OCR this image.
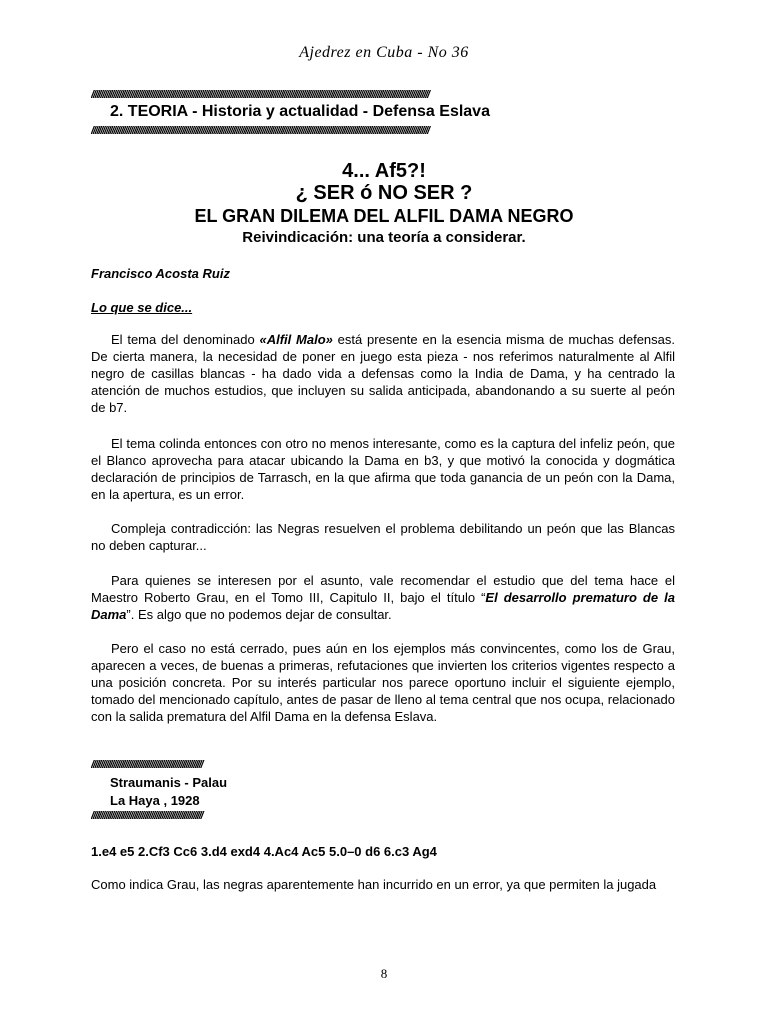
Ajedrez en Cuba - No 36
//////////////////////////////////////////////////////////////////////////////////////////////////////////////////////////////////////////////////////////////////////////////////////
2. TEORIA - Historia y actualidad - Defensa Eslava
//////////////////////////////////////////////////////////////////////////////////////////////////////////////////////////////////////////////////////////////////////////////////////
4... Af5?!
¿ SER ó NO SER ?
EL GRAN DILEMA DEL ALFIL DAMA NEGRO
Reivindicación: una teoría a considerar.
Francisco Acosta Ruiz
Lo que se dice...
El tema del denominado «Alfil Malo» está presente en la esencia misma de muchas defensas. De cierta manera, la necesidad de poner en juego esta pieza - nos referimos naturalmente al Alfil negro de casillas blancas - ha dado vida a defensas como la India de Dama, y ha centrado la atención de muchos estudios, que incluyen su salida anticipada, abandonando a su suerte al peón de b7.
El tema colinda entonces con otro no menos interesante, como es la captura del infeliz peón, que el Blanco aprovecha para atacar ubicando la Dama en b3, y que motivó la conocida y dogmática declaración de principios de Tarrasch, en la que afirma que toda ganancia de un peón con la Dama, en la apertura, es un error.
Compleja contradicción: las Negras resuelven el problema debilitando un peón que las Blancas no deben capturar...
Para quienes se interesen por el asunto, vale recomendar el estudio que del tema hace el Maestro Roberto Grau, en el Tomo III, Capitulo II, bajo el título “El desarrollo prematuro de la Dama”. Es algo que no podemos dejar de consultar.
Pero el caso no está cerrado, pues aún en los ejemplos más convincentes, como los de Grau, aparecen a veces, de buenas a primeras, refutaciones que invierten los criterios vigentes respecto a una posición concreta. Por su interés particular nos parece oportuno incluir el siguiente ejemplo, tomado del mencionado capítulo, antes de pasar de lleno al tema central que nos ocupa, relacionado con la salida prematura del Alfil Dama en la defensa Eslava.
////////////////////////////////////////////////////////////
Straumanis - Palau
La Haya , 1928
////////////////////////////////////////////////////////////
1.e4 e5 2.Cf3 Cc6 3.d4 exd4 4.Ac4 Ac5 5.0–0 d6 6.c3 Ag4
Como indica Grau, las negras aparentemente han incurrido en un error, ya que permiten la jugada
8
